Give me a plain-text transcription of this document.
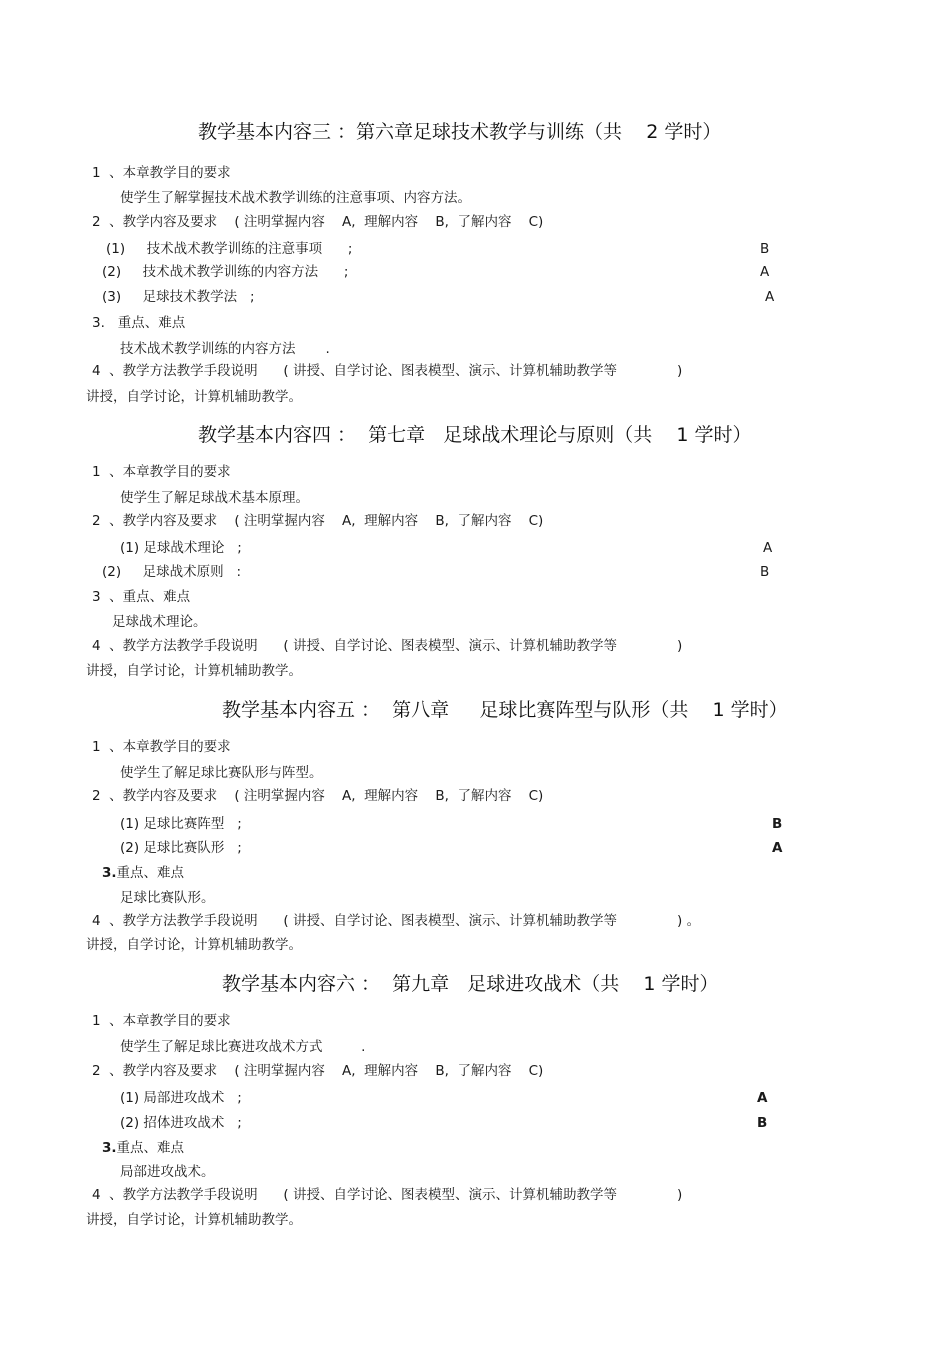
教学基本内容三 ：第六章足球技术教学与训练（共    2 学时）
1  、本章教学目的要求
使学生了解掌握技术战术教学训练的注意事项、内容方法。
2  、教学内容及要求    ( 注明掌握内容    A,  理解内容    B,  了解内容    C)
(1)     技术战术教学训练的注意事项      ;	B
(2)     技术战术教学训练的内容方法      ;	A
(3)     足球技术教学法   ;	A
3.   重点、难点
技术战术教学训练的内容方法       .
4  、教学方法教学手段说明      ( 讲授、自学讨论、图表模型、演示、计算机辅助教学等              )
讲授，自学讨论，计算机辅助教学。
教学基本内容四 ：  第七章   足球战术理论与原则（共    1 学时）
1  、本章教学目的要求
使学生了解足球战术基本原理。
2  、教学内容及要求    ( 注明掌握内容    A,  理解内容    B,  了解内容    C)
(1) 足球战术理论   ;	A
(2)     足球战术原则   :	B
3  、重点、难点
足球战术理论。
4  、教学方法教学手段说明      ( 讲授、自学讨论、图表模型、演示、计算机辅助教学等              )
讲授，自学讨论，计算机辅助教学。
教学基本内容五 ：  第八章     足球比赛阵型与队形（共    1 学时）
1  、本章教学目的要求
使学生了解足球比赛队形与阵型。
2  、教学内容及要求    ( 注明掌握内容    A,  理解内容    B,  了解内容    C)
(1) 足球比赛阵型   ;	B
(2) 足球比赛队形   ;	A
3.重点、难点
足球比赛队形。
4  、教学方法教学手段说明      ( 讲授、自学讨论、图表模型、演示、计算机辅助教学等              ) 。
讲授，自学讨论，计算机辅助教学。
教学基本内容六 ：  第九章   足球进攻战术（共    1 学时）
1  、本章教学目的要求
使学生了解足球比赛进攻战术方式         .
2  、教学内容及要求    ( 注明掌握内容    A,  理解内容    B,  了解内容    C)
(1) 局部进攻战术   ;	A
(2) 招体进攻战术   ;	B
3.重点、难点
局部进攻战术。
4  、教学方法教学手段说明      ( 讲授、自学讨论、图表模型、演示、计算机辅助教学等              )
讲授，自学讨论，计算机辅助教学。
